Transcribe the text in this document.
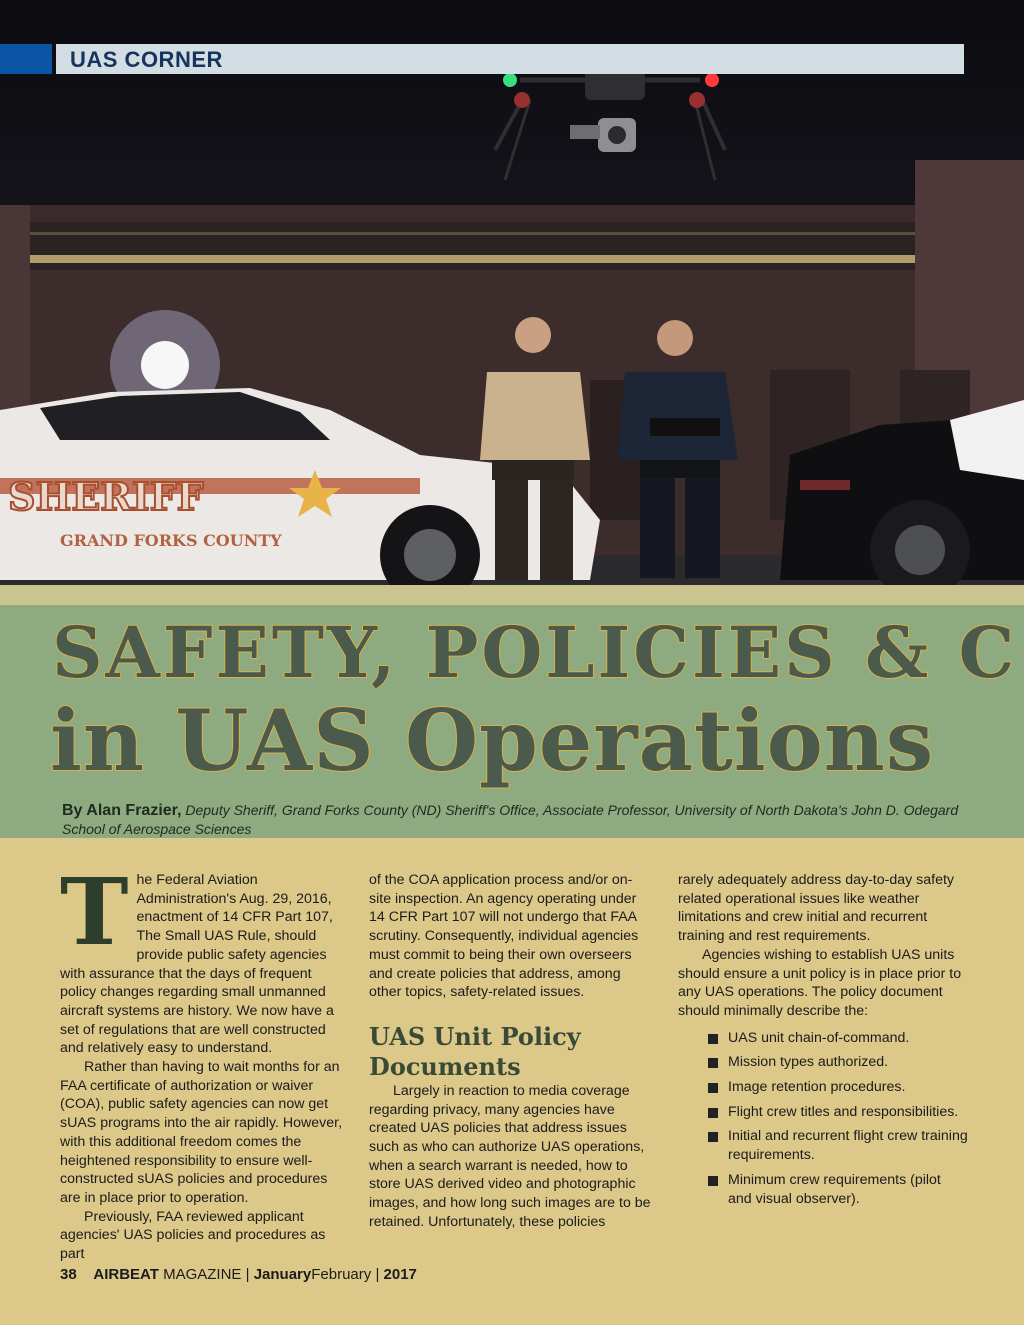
SHERIFF
GRAND FORKS COUNTY
UAS CORNER
SAFETY, POLICIES & C
in UAS Operations
By Alan Frazier, Deputy Sheriff, Grand Forks County (ND) Sheriff's Office, Associate Professor, University of North Dakota's John D. Odegard School of Aerospace Sciences

The Federal Aviation Administration's Aug. 29, 2016, enactment of 14 CFR Part 107, The Small UAS Rule, should provide public safety agencies with assurance that the days of frequent policy changes regarding small unmanned aircraft systems are history. We now have a set of regulations that are well constructed and relatively easy to understand.

Rather than having to wait months for an FAA certificate of authorization or waiver (COA), public safety agencies can now get sUAS programs into the air rapidly. However, with this additional freedom comes the heightened responsibility to ensure well-constructed sUAS policies and procedures are in place prior to operation.

Previously, FAA reviewed applicant agencies' UAS policies and procedures as part

of the COA application process and/or on-site inspection. An agency operating under 14 CFR Part 107 will not undergo that FAA scrutiny. Consequently, individual agencies must commit to being their own overseers and create policies that address, among other topics, safety-related issues.

UAS Unit Policy Documents

Largely in reaction to media coverage regarding privacy, many agencies have created UAS policies that address issues such as who can authorize UAS operations, when a search warrant is needed, how to store UAS derived video and photographic images, and how long such images are to be retained. Unfortunately, these policies

rarely adequately address day-to-day safety related operational issues like weather limitations and crew initial and recurrent training and rest requirements.

Agencies wishing to establish UAS units should ensure a unit policy is in place prior to any UAS operations. The policy document should minimally describe the:

UAS unit chain-of-command.
Mission types authorized.
Image retention procedures.
Flight crew titles and responsibilities.
Initial and recurrent flight crew training requirements.
Minimum crew requirements (pilot and visual observer).
38 AIRBEAT MAGAZINE | JanuaryFebruary | 2017
